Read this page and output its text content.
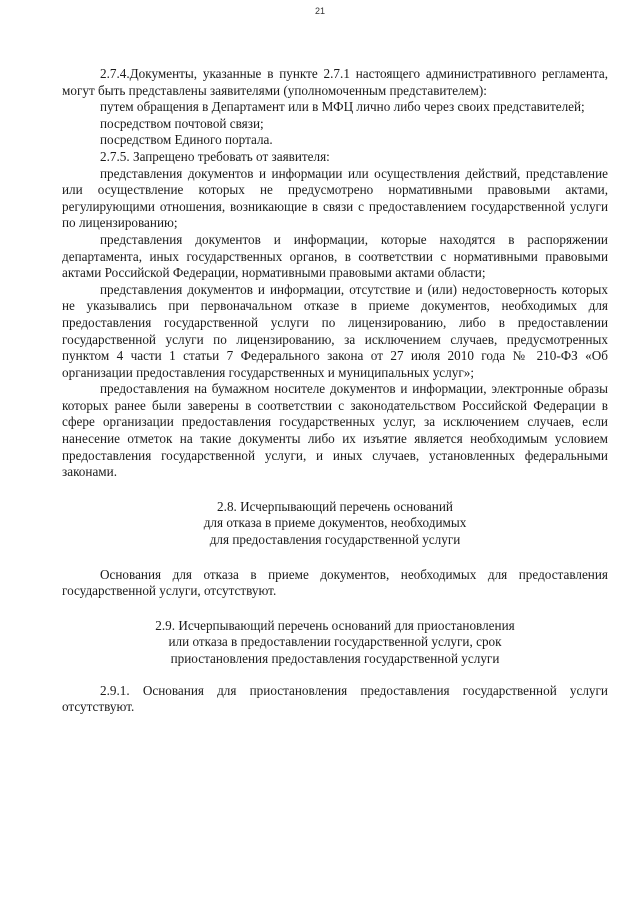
21

2.7.4.Документы, указанные в пункте 2.7.1 настоящего административного регламента, могут быть представлены заявителями (уполномоченным представителем):

путем обращения в Департамент или в МФЦ лично либо через своих представителей;

посредством почтовой связи;

посредством Единого портала.

2.7.5. Запрещено требовать от заявителя:

представления документов и информации или осуществления действий, представление или осуществление которых не предусмотрено нормативными правовыми актами, регулирующими отношения, возникающие в связи с предоставлением государственной услуги по лицензированию;

представления документов и информации, которые находятся в распоряжении департамента, иных государственных органов, в соответствии с нормативными правовыми актами Российской Федерации, нормативными правовыми актами области;

представления документов и информации, отсутствие и (или) недостоверность которых не указывались при первоначальном отказе в приеме документов, необходимых для предоставления государственной услуги по лицензированию, либо в предоставлении государственной услуги по лицензированию, за исключением случаев, предусмотренных пунктом 4 части 1 статьи 7 Федерального закона от 27 июля 2010 года № 210-ФЗ «Об организации предоставления государственных и муниципальных услуг»;

предоставления на бумажном носителе документов и информации, электронные образы которых ранее были заверены в соответствии с законодательством Российской Федерации в сфере организации предоставления государственных услуг, за исключением случаев, если нанесение отметок на такие документы либо их изъятие является необходимым условием предоставления государственной услуги, и иных случаев, установленных федеральными законами.

2.8. Исчерпывающий перечень оснований

для отказа в приеме документов, необходимых

для предоставления государственной услуги

Основания для отказа в приеме документов, необходимых для предоставления государственной услуги, отсутствуют.

2.9. Исчерпывающий перечень оснований для приостановления

или отказа в предоставлении государственной услуги, срок

приостановления предоставления государственной услуги

2.9.1. Основания для приостановления предоставления государственной услуги отсутствуют.
